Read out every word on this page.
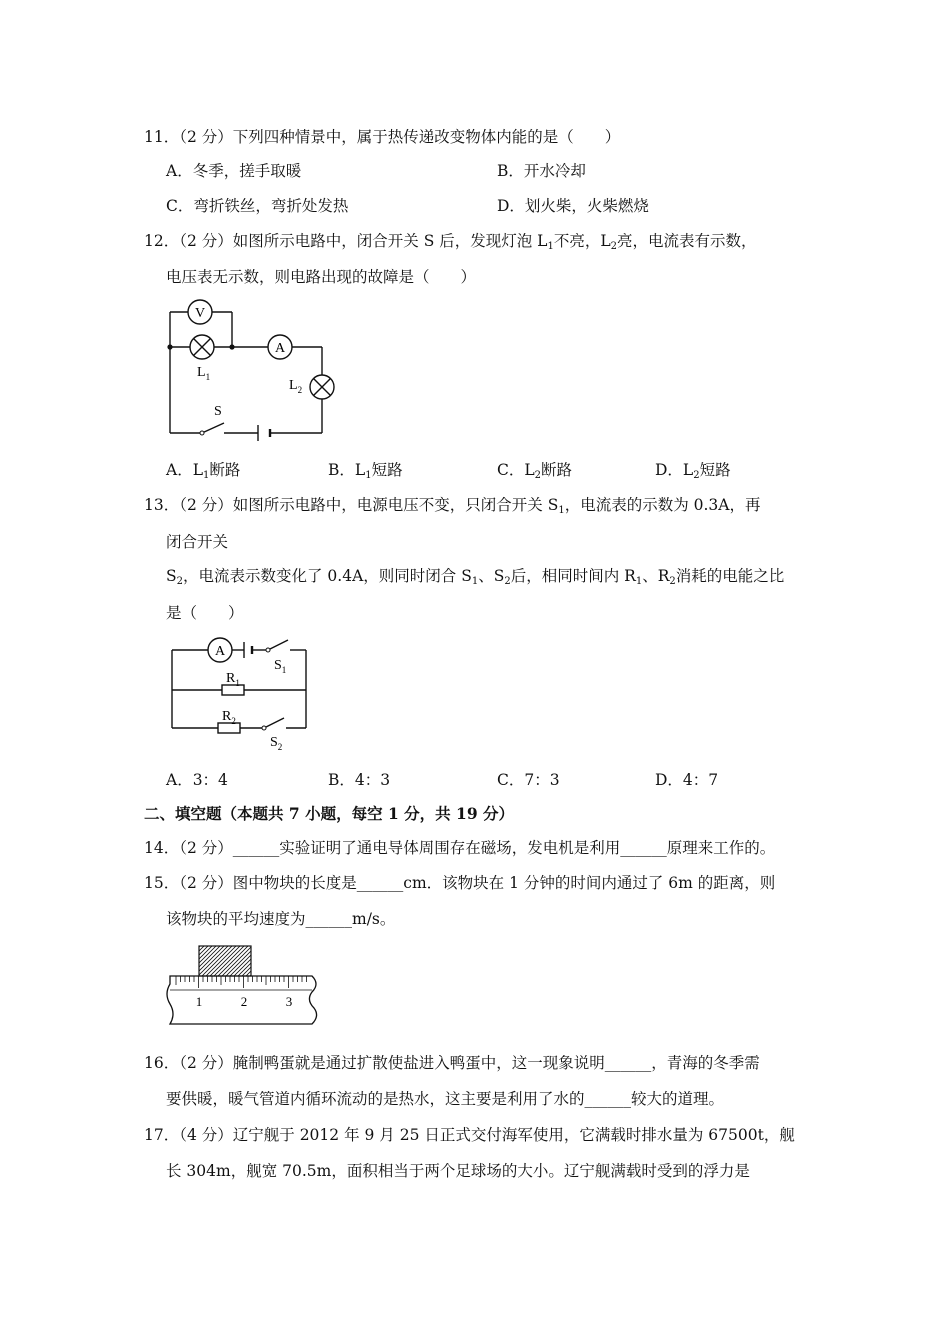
11．（2 分）下列四种情景中，属于热传递改变物体内能的是（　　）
A．冬季，搓手取暖	B．开水冷却
C．弯折铁丝，弯折处发热	D．划火柴，火柴燃烧
12．（2 分）如图所示电路中，闭合开关 S 后，发现灯泡 $L_1$不亮，$L_2$亮，电流表有示数，
电压表无示数，则电路出现的故障是（　　）
V
A
$L_1$
$L_2$
S
A．$L_1$断路	B．$L_1$短路	C．$L_2$断路	D．$L_2$短路
13．（2 分）如图所示电路中，电源电压不变，只闭合开关 $S_1$，电流表的示数为 0.3A，再
闭合开关
$S_2$，电流表示数变化了 0.4A，则同时闭合 $S_1$、$S_2$后，相同时间内 $R_1$、$R_2$消耗的电能之比
是（　　）
A
$S_1$
$R_1$
$R_2$
$S_2$
A．3：4	B．4：3	C．7：3	D．4：7
二、填空题（本题共 7 小题，每空 1 分，共 19 分）
14．（2 分）______实验证明了通电导体周围存在磁场，发电机是利用______原理来工作的。
15．（2 分）图中物块的长度是______cm．该物块在 1 分钟的时间内通过了 6m 的距离，则
该物块的平均速度为______m/s。
1	2	3
16．（2 分）腌制鸭蛋就是通过扩散使盐进入鸭蛋中，这一现象说明______，青海的冬季需
要供暖，暖气管道内循环流动的是热水，这主要是利用了水的______较大的道理。
17．（4 分）辽宁舰于 2012 年 9 月 25 日正式交付海军使用，它满载时排水量为 67500t，舰
长 304m，舰宽 70.5m，面积相当于两个足球场的大小。辽宁舰满载时受到的浮力是
